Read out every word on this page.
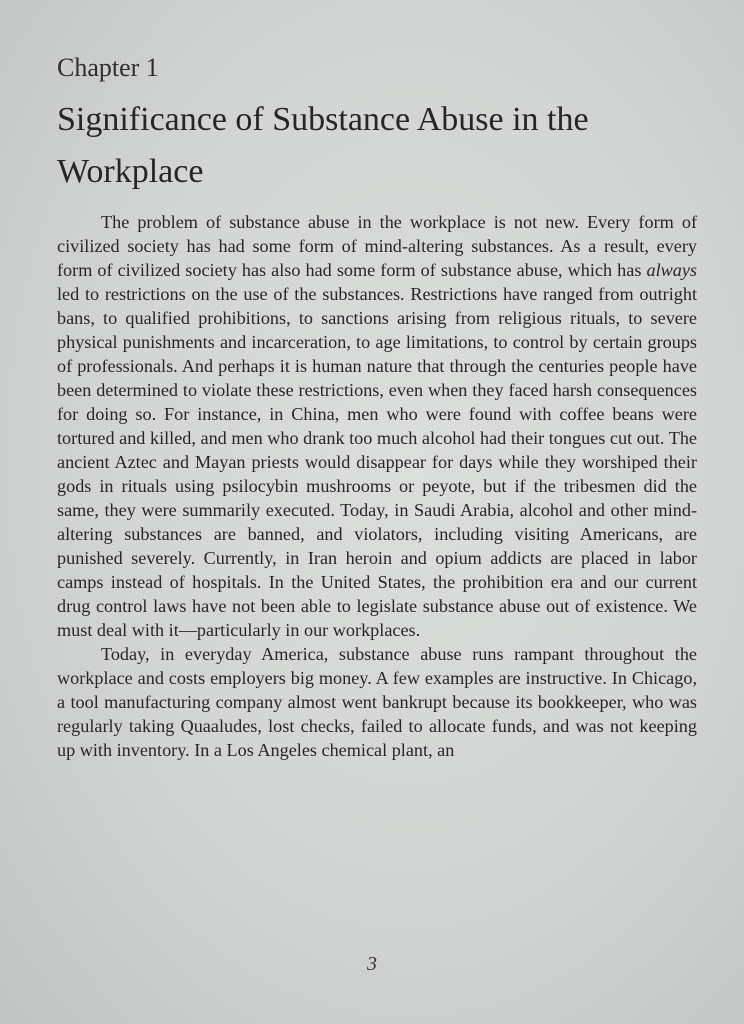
Chapter 1

Significance of Substance Abuse in the Workplace

The problem of substance abuse in the workplace is not new. Every form of civilized society has had some form of mind-altering substances. As a result, every form of civilized society has also had some form of substance abuse, which has always led to restrictions on the use of the substances. Restrictions have ranged from outright bans, to qualified prohibitions, to sanctions arising from religious rituals, to severe physical punishments and incarceration, to age limitations, to control by certain groups of professionals. And perhaps it is human nature that through the centuries people have been determined to violate these restrictions, even when they faced harsh consequences for doing so. For instance, in China, men who were found with coffee beans were tortured and killed, and men who drank too much alcohol had their tongues cut out. The ancient Aztec and Mayan priests would disappear for days while they worshiped their gods in rituals using psilocybin mushrooms or peyote, but if the tribesmen did the same, they were summarily executed. Today, in Saudi Arabia, alcohol and other mind-altering substances are banned, and violators, including visiting Americans, are punished severely. Currently, in Iran heroin and opium addicts are placed in labor camps instead of hospitals. In the United States, the prohibition era and our current drug control laws have not been able to legislate substance abuse out of existence. We must deal with it—particularly in our workplaces.

Today, in everyday America, substance abuse runs rampant throughout the workplace and costs employers big money. A few examples are instructive. In Chicago, a tool manufacturing company almost went bankrupt because its bookkeeper, who was regularly taking Quaaludes, lost checks, failed to allocate funds, and was not keeping up with inventory. In a Los Angeles chemical plant, an

3
